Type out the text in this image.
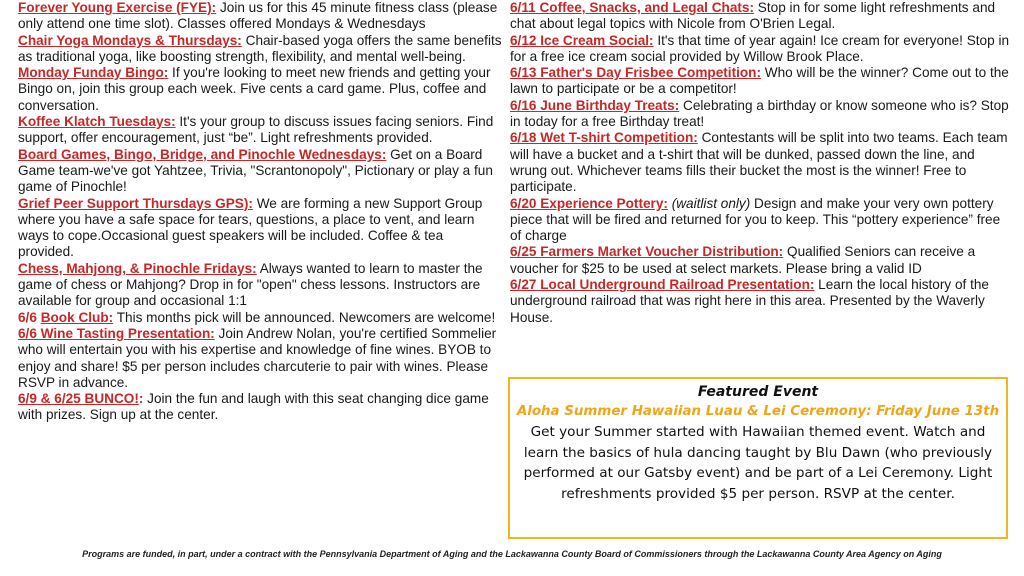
Forever Young Exercise (FYE): Join us for this 45 minute fitness class (please only attend one time slot). Classes offered Mondays & Wednesdays

Chair Yoga Mondays & Thursdays: Chair-based yoga offers the same benefits as traditional yoga, like boosting strength, flexibility, and mental well-being.

Monday Funday Bingo: If you're looking to meet new friends and getting your Bingo on, join this group each week. Five cents a card game. Plus, coffee and conversation.

Koffee Klatch Tuesdays: It's your group to discuss issues facing seniors. Find support, offer encouragement, just “be”. Light refreshments provided.

Board Games, Bingo, Bridge, and Pinochle Wednesdays: Get on a Board Game team-we've got Yahtzee, Trivia, "Scrantonopoly", Pictionary or play a fun game of Pinochle!

Grief Peer Support Thursdays GPS): We are forming a new Support Group where you have a safe space for tears, questions, a place to vent, and learn ways to cope.Occasional guest speakers will be included. Coffee & tea provided.

Chess, Mahjong, & Pinochle Fridays: Always wanted to learn to master the game of chess or Mahjong? Drop in for "open" chess lessons. Instructors are available for group and occasional 1:1

6/6 Book Club: This months pick will be announced. Newcomers are welcome!

6/6 Wine Tasting Presentation: Join Andrew Nolan, you're certified Sommelier who will entertain you with his expertise and knowledge of fine wines. BYOB to enjoy and share! $5 per person includes charcuterie to pair with wines. Please RSVP in advance.

6/9 & 6/25 BUNCO!: Join the fun and laugh with this seat changing dice game with prizes. Sign up at the center.

6/11 Coffee, Snacks, and Legal Chats: Stop in for some light refreshments and chat about legal topics with Nicole from O'Brien Legal.

6/12 Ice Cream Social: It's that time of year again! Ice cream for everyone! Stop in for a free ice cream social provided by Willow Brook Place.

6/13 Father's Day Frisbee Competition: Who will be the winner? Come out to the lawn to participate or be a competitor!

6/16 June Birthday Treats: Celebrating a birthday or know someone who is? Stop in today for a free Birthday treat!

6/18 Wet T-shirt Competition: Contestants will be split into two teams. Each team will have a bucket and a t-shirt that will be dunked, passed down the line, and wrung out. Whichever teams fills their bucket the most is the winner! Free to participate.

6/20 Experience Pottery: (waitlist only) Design and make your very own pottery piece that will be fired and returned for you to keep. This “pottery experience” free of charge

6/25 Farmers Market Voucher Distribution: Qualified Seniors can receive a voucher for $25 to be used at select markets. Please bring a valid ID

6/27 Local Underground Railroad Presentation: Learn the local history of the underground railroad that was right here in this area. Presented by the Waverly House.

Featured Event
Aloha Summer Hawaiian Luau & Lei Ceremony: Friday June 13th
Get your Summer started with Hawaiian themed event. Watch and learn the basics of hula dancing taught by Blu Dawn (who previously performed at our Gatsby event) and be part of a Lei Ceremony. Light refreshments provided $5 per person. RSVP at the center.
Programs are funded, in part, under a contract with the Pennsylvania Department of Aging and the Lackawanna County Board of Commissioners through the Lackawanna County Area Agency on Aging
